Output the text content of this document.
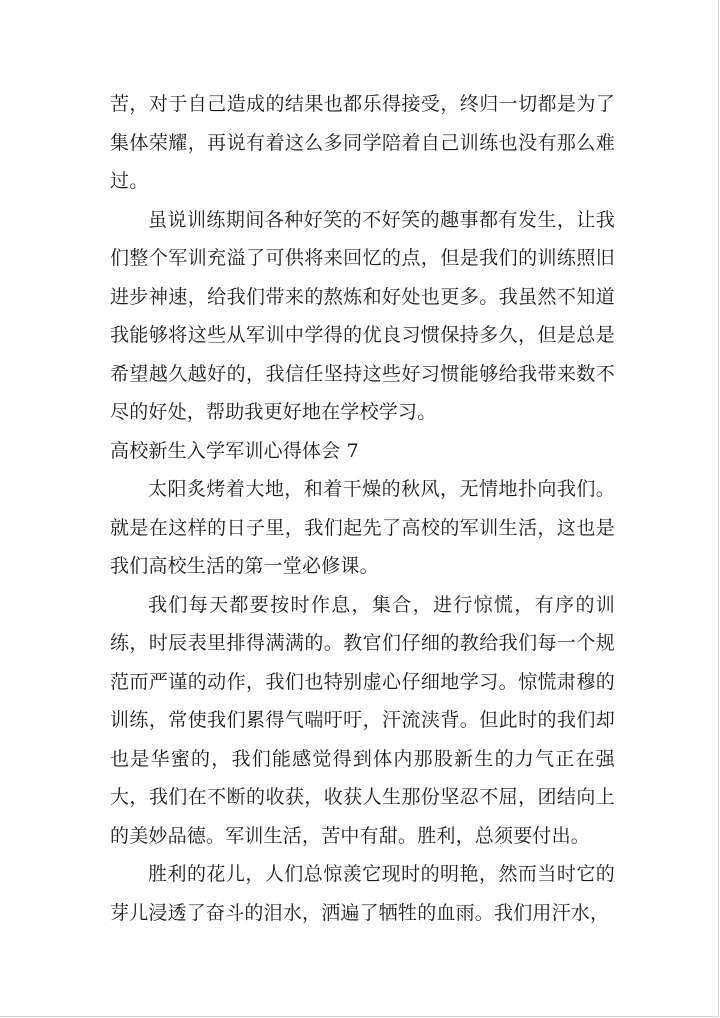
苦，对于自己造成的结果也都乐得接受，终归一切都是为了集体荣耀，再说有着这么多同学陪着自己训练也没有那么难过。

虽说训练期间各种好笑的不好笑的趣事都有发生，让我们整个军训充溢了可供将来回忆的点，但是我们的训练照旧进步神速，给我们带来的熬炼和好处也更多。我虽然不知道我能够将这些从军训中学得的优良习惯保持多久，但是总是希望越久越好的，我信任坚持这些好习惯能够给我带来数不尽的好处，帮助我更好地在学校学习。

高校新生入学军训心得体会 7

太阳炙烤着大地，和着干燥的秋风，无情地扑向我们。就是在这样的日子里，我们起先了高校的军训生活，这也是我们高校生活的第一堂必修课。

我们每天都要按时作息，集合，进行惊慌，有序的训练，时辰表里排得满满的。教官们仔细的教给我们每一个规范而严谨的动作，我们也特别虚心仔细地学习。惊慌肃穆的训练，常使我们累得气喘吁吁，汗流浃背。但此时的我们却也是华蜜的，我们能感觉得到体内那股新生的力气正在强大，我们在不断的收获，收获人生那份坚忍不屈，团结向上的美妙品德。军训生活，苦中有甜。胜利，总须要付出。

胜利的花儿，人们总惊羡它现时的明艳，然而当时它的芽儿浸透了奋斗的泪水，洒遍了牺牲的血雨。我们用汗水，
